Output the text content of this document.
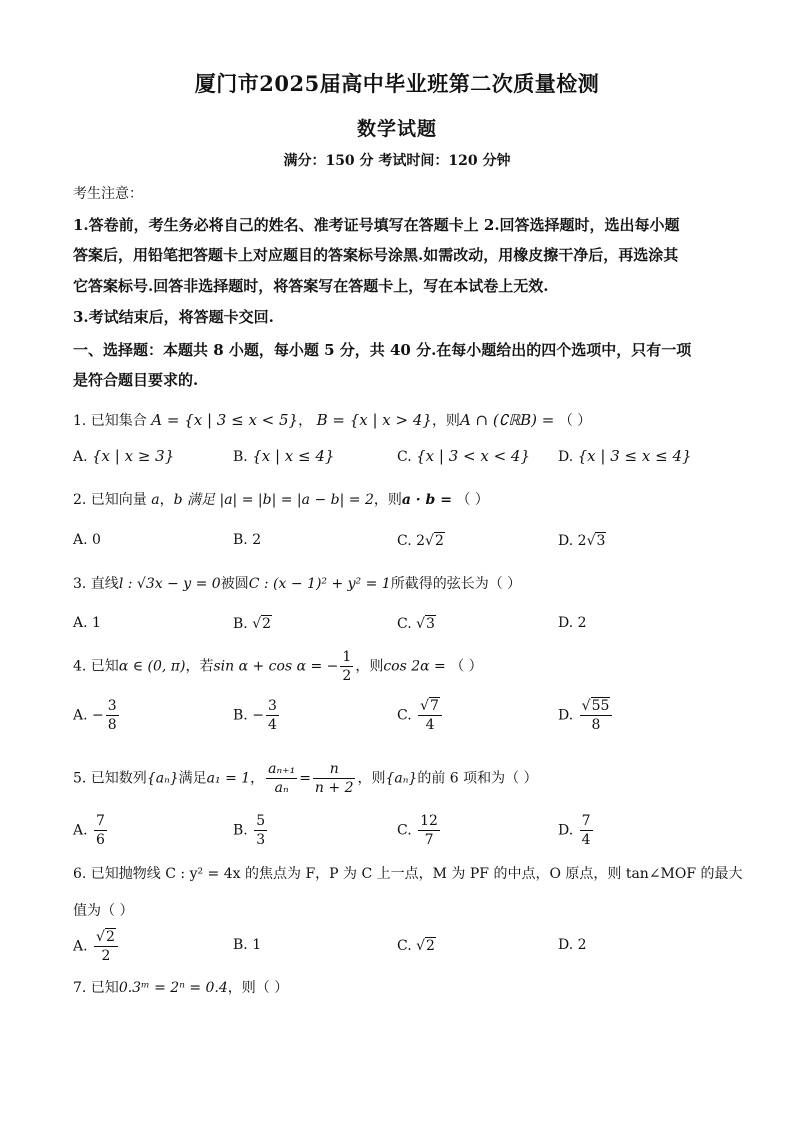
厦门市2025届高中毕业班第二次质量检测
数学试题
满分：150 分 考试时间：120 分钟
考生注意：
1.答卷前，考生务必将自己的姓名、准考证号填写在答题卡上 2.回答选择题时，选出每小题
答案后，用铅笔把答题卡上对应题目的答案标号涂黑.如需改动，用橡皮擦干净后，再选涂其
它答案标号.回答非选择题时，将答案写在答题卡上，写在本试卷上无效.
3.考试结束后，将答题卡交回.
一、选择题：本题共 8 小题，每小题 5 分，共 40 分.在每小题给出的四个选项中，只有一项
是符合题目要求的.
1. 已知集合 A = {x | 3 ≤ x < 5}， B = {x | x > 4}，则A ∩ (∁ℝB) = （ ）
A. {x | x ≥ 3}	B. {x | x ≤ 4}	C. {x | 3 < x < 4} D. {x | 3 ≤ x ≤ 4}
2. 已知向量 a，b 满足 |a| = |b| = |a − b| = 2，则a · b = （ ）
A. 0	B. 2	C. 2√2	D. 2√3
3. 直线l : √3x − y = 0被圆C : (x − 1)² + y² = 1所截得的弦长为（ ）
A. 1	B. √2	C. √3	D. 2
4. 已知α ∈ (0, π)，若sin α + cos α = − $\frac{1}{2}$ ，则cos 2α = （ ）
A. − $\frac{3}{8}$	B. − $\frac{3}{4}$	C. $\frac{√7}{4}$	D. $\frac{√55}{8}$
5. 已知数列{aₙ}满足a₁ = 1， $\frac{\text{aₙ₊₁}}{\text{aₙ}} = \frac{n}{n + 2}$ ，则{aₙ}的前 6 项和为（ ）
A. $\frac{7}{6}$	B. $\frac{5}{3}$	C. $\frac{12}{7}$	D. $\frac{7}{4}$
6. 已知抛物线 C : y² = 4x 的焦点为 F，P 为 C 上一点，M 为 PF 的中点，O 原点，则 tan∠MOF 的最大
值为（ ）
A. $\frac{√2}{2}$	B. 1	C. √2	D. 2
7. 已知0.3ᵐ = 2ⁿ = 0.4，则（ ）
